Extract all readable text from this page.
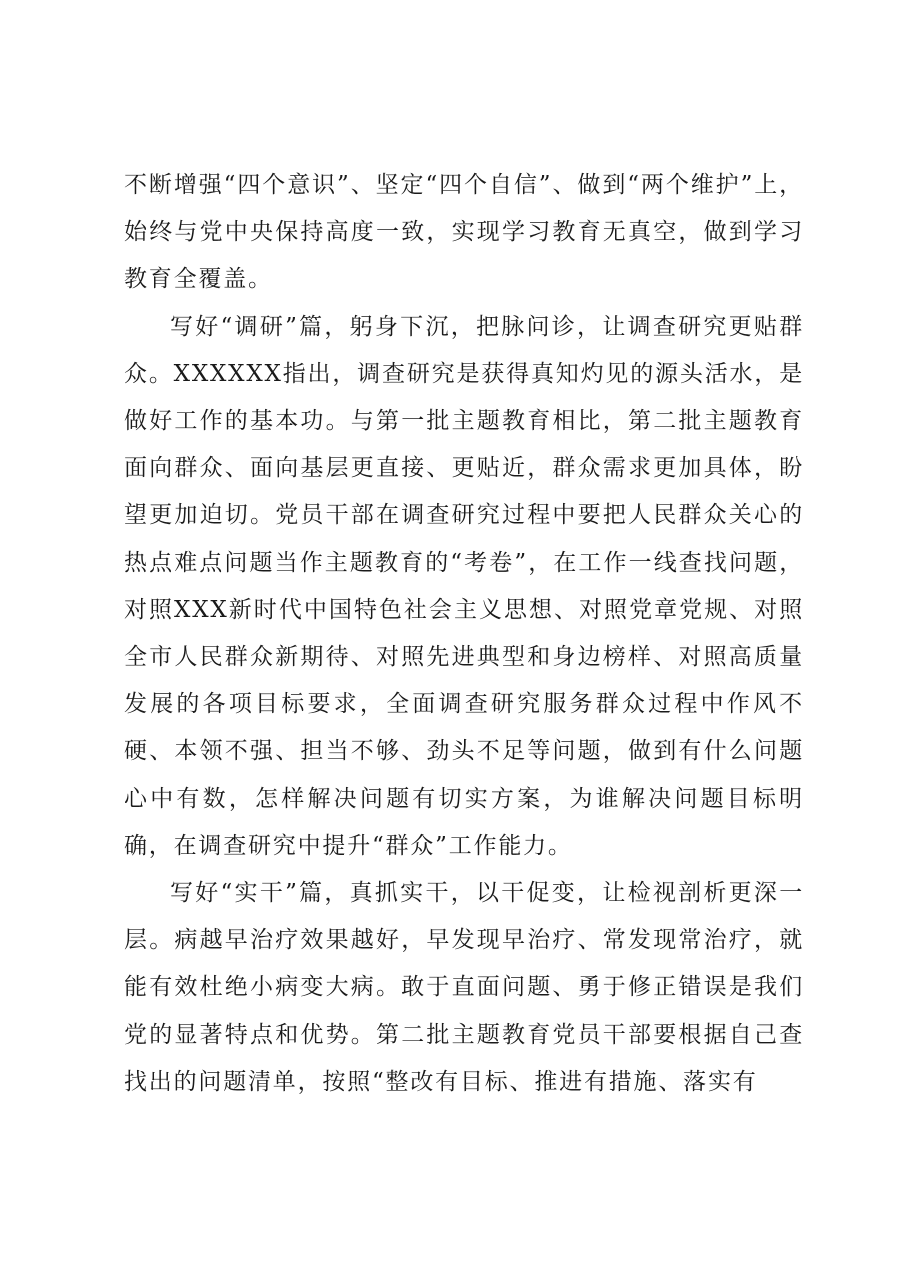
不断增强“四个意识”、坚定“四个自信”、做到“两个维护”上，始终与党中央保持高度一致，实现学习教育无真空，做到学习教育全覆盖。

写好“调研”篇，躬身下沉，把脉问诊，让调查研究更贴群众。XXXXXX指出，调查研究是获得真知灼见的源头活水，是做好工作的基本功。与第一批主题教育相比，第二批主题教育面向群众、面向基层更直接、更贴近，群众需求更加具体，盼望更加迫切。党员干部在调查研究过程中要把人民群众关心的热点难点问题当作主题教育的“考卷”，在工作一线查找问题，对照XXX新时代中国特色社会主义思想、对照党章党规、对照全市人民群众新期待、对照先进典型和身边榜样、对照高质量发展的各项目标要求，全面调查研究服务群众过程中作风不硬、本领不强、担当不够、劲头不足等问题，做到有什么问题心中有数，怎样解决问题有切实方案，为谁解决问题目标明确，在调查研究中提升“群众”工作能力。

写好“实干”篇，真抓实干，以干促变，让检视剖析更深一层。病越早治疗效果越好，早发现早治疗、常发现常治疗，就能有效杜绝小病变大病。敢于直面问题、勇于修正错误是我们党的显著特点和优势。第二批主题教育党员干部要根据自己查找出的问题清单，按照“整改有目标、推进有措施、落实有
